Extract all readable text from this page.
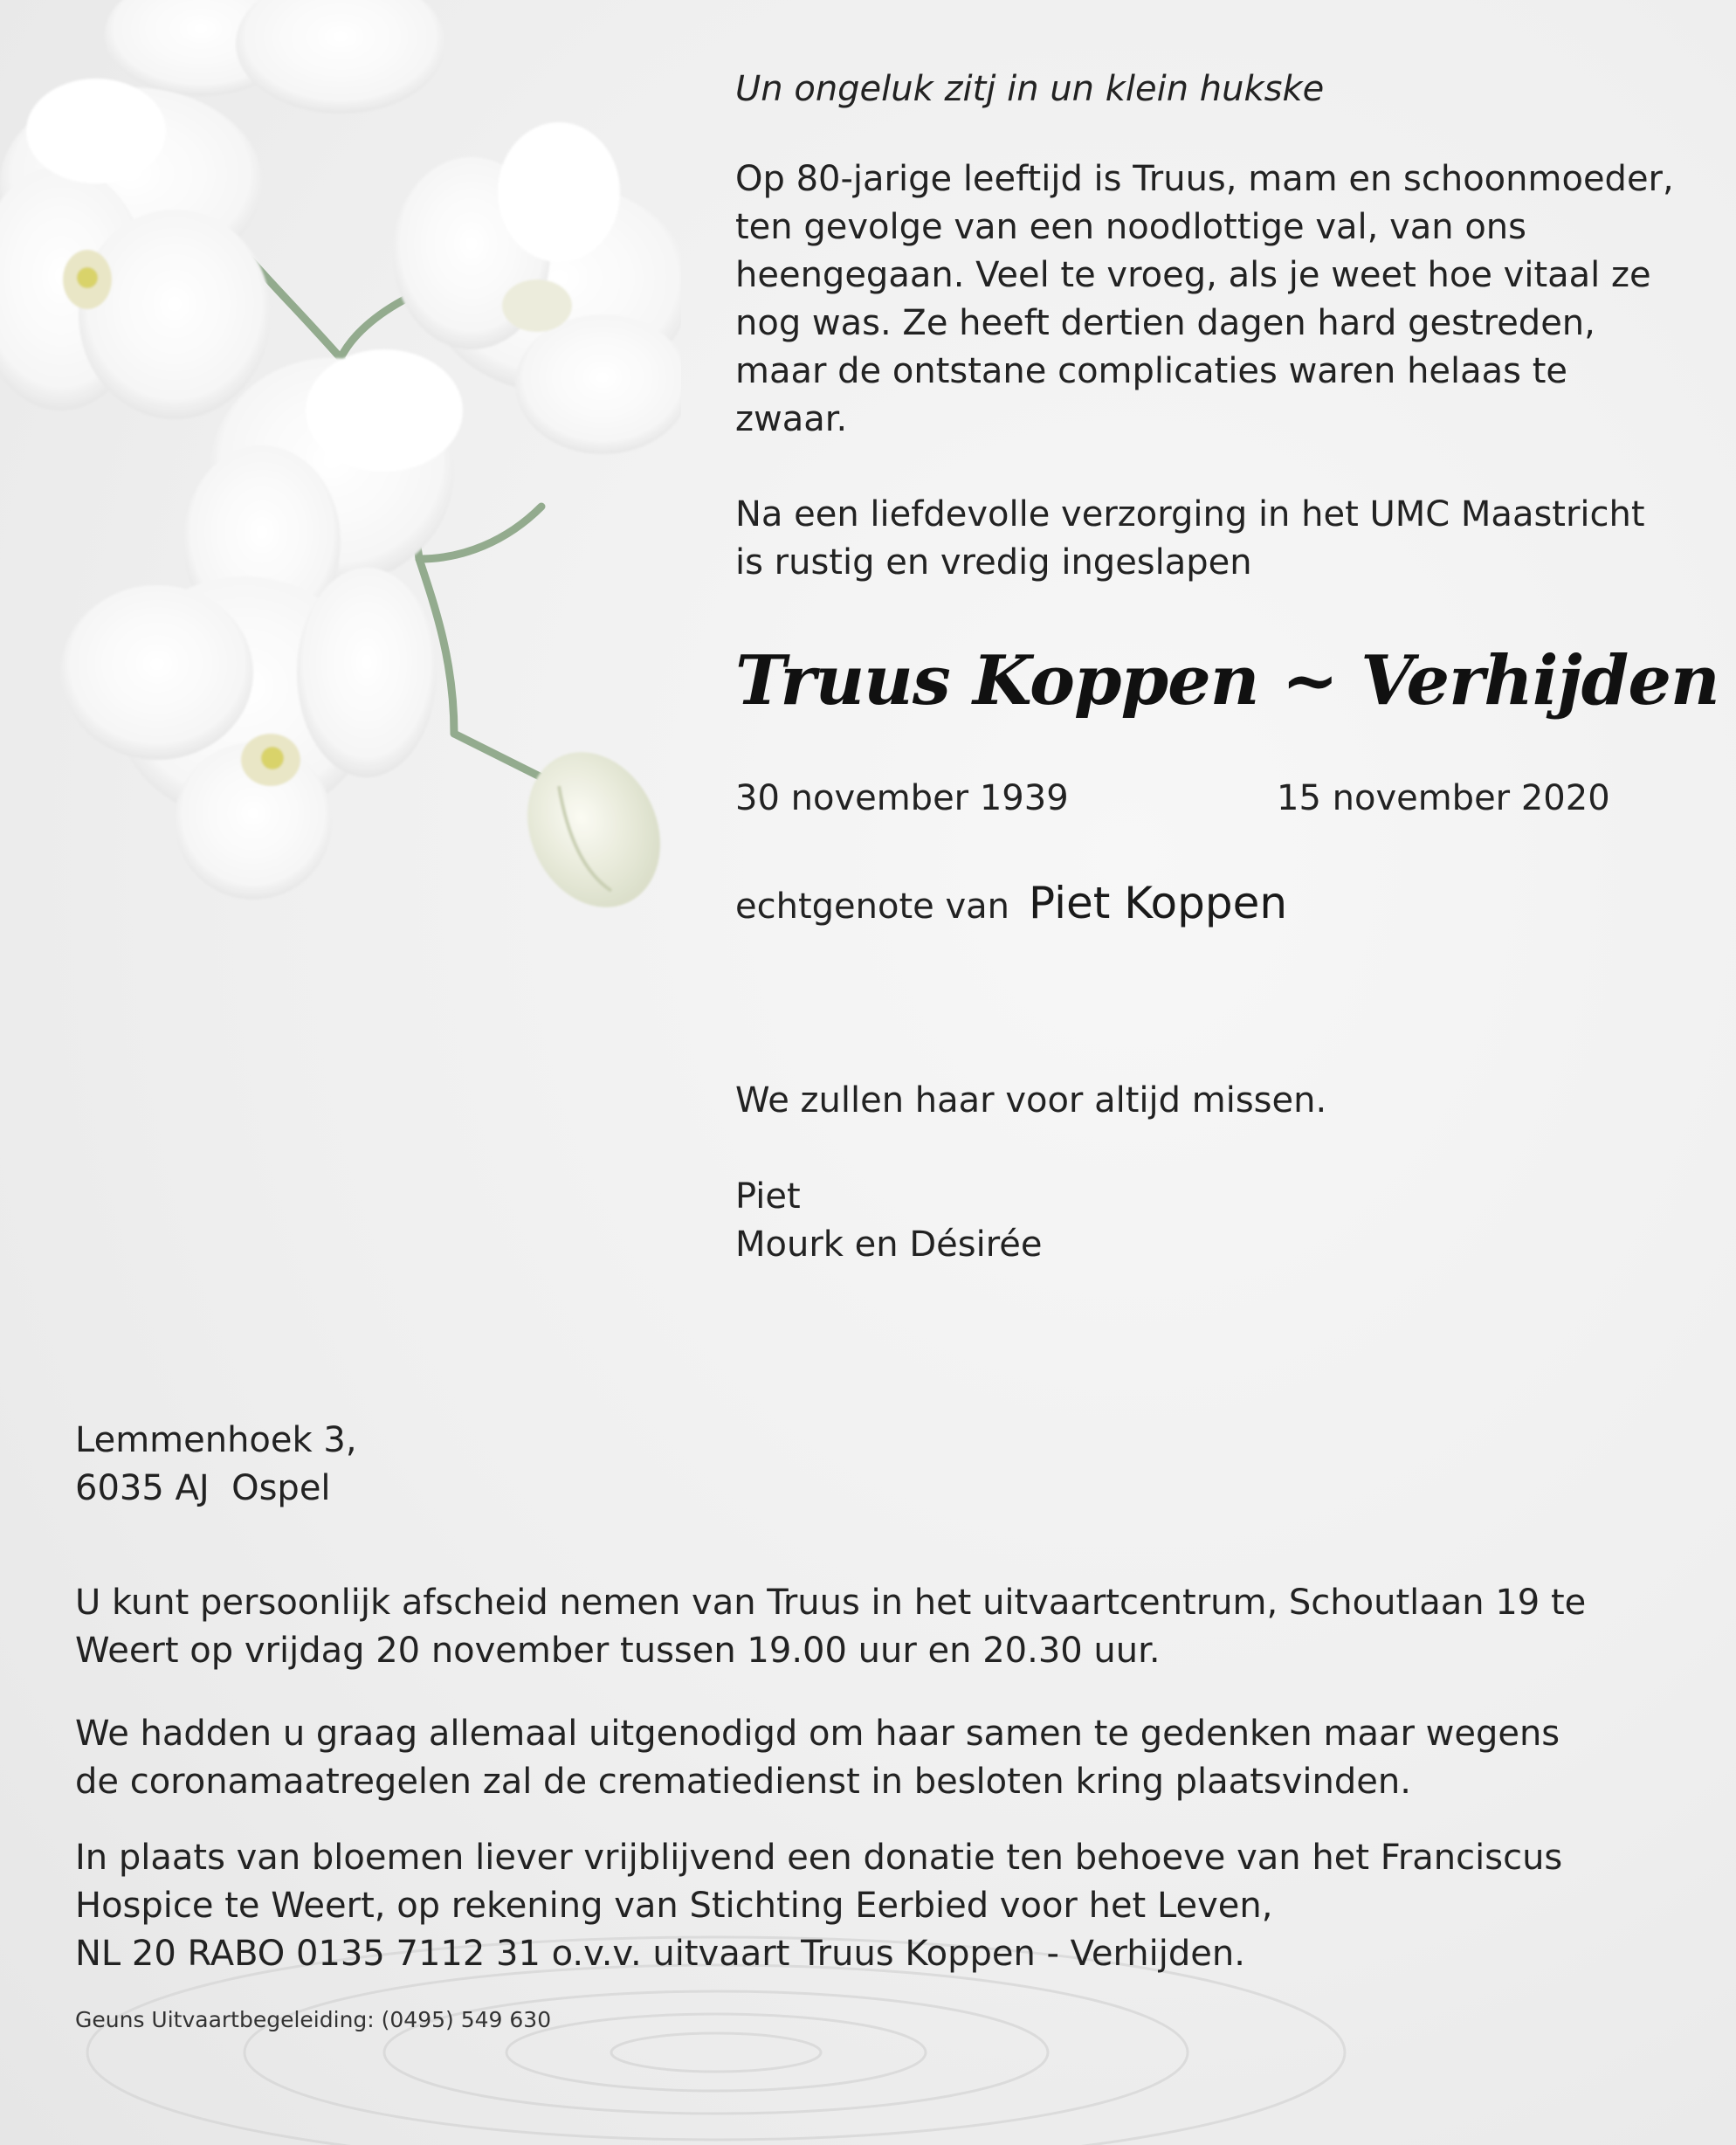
Un ongeluk zitj in un klein hukske

Op 80-jarige leeftijd is Truus, mam en schoonmoeder,
ten gevolge van een noodlottige val, van ons
heengegaan. Veel te vroeg, als je weet hoe vitaal ze
nog was. Ze heeft dertien dagen hard gestreden,
maar de ontstane complicaties waren helaas te
zwaar.

Na een liefdevolle verzorging in het UMC Maastricht
is rustig en vredig ingeslapen

Truus Koppen ~ Verhijden

30 november 1939	15 november 2020

echtgenote van Piet Koppen

We zullen haar voor altijd missen.

Piet
Mourk en Désirée

Lemmenhoek 3,
6035 AJ  Ospel

U kunt persoonlijk afscheid nemen van Truus in het uitvaartcentrum, Schoutlaan 19 te
Weert op vrijdag 20 november tussen 19.00 uur en 20.30 uur.

We hadden u graag allemaal uitgenodigd om haar samen te gedenken maar wegens
de coronamaatregelen zal de crematiedienst in besloten kring plaatsvinden.

In plaats van bloemen liever vrijblijvend een donatie ten behoeve van het Franciscus
Hospice te Weert, op rekening van Stichting Eerbied voor het Leven,
NL 20 RABO 0135 7112 31 o.v.v. uitvaart Truus Koppen - Verhijden.

Geuns Uitvaartbegeleiding: (0495) 549 630
